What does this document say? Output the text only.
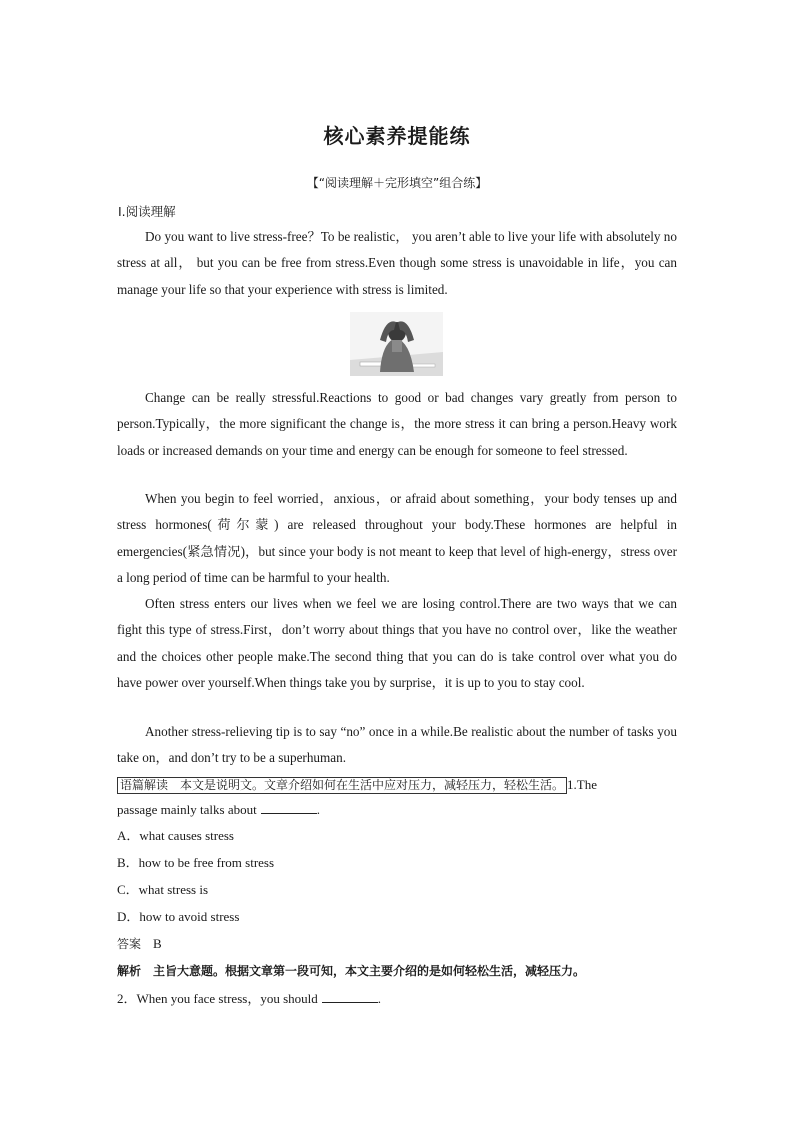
核心素养提能练
【“阅读理解＋完形填空”组合练】
Ⅰ.阅读理解

Do you want to live stress-free？To be realistic， you aren’t able to live your life with absolutely no stress at all， but you can be free from stress.Even though some stress is unavoidable in life，you can manage your life so that your experience with stress is limited.

Change can be really stressful.Reactions to good or bad changes vary greatly from person to person.Typically，the more significant the change is，the more stress it can bring a person.Heavy work loads or increased demands on your time and energy can be enough for someone to feel stressed.

When you begin to feel worried，anxious，or afraid about something，your body tenses up and stress hormones(荷尔蒙) are released throughout your body.These hormones are helpful in emergencies(紧急情况)，but since your body is not meant to keep that level of high-energy，stress over a long period of time can be harmful to your health.

Often stress enters our lives when we feel we are losing control.There are two ways that we can fight this type of stress.First，don’t worry about things that you have no control over，like the weather and the choices other people make.The second thing that you can do is take control over what you do have power over yourself.When things take you by surprise，it is up to you to stay cool.

Another stress-relieving tip is to say “no” once in a while.Be realistic about the number of tasks you take on，and don’t try to be a superhuman.

语篇解读　本文是说明文。文章介绍如何在生活中应对压力，减轻压力，轻松生活。 1.The
passage mainly talks about	.
A．what causes stress
B．how to be free from stress
C．what stress is
D．how to avoid stress
答案 B
解析 主旨大意题。根据文章第一段可知，本文主要介绍的是如何轻松生活，减轻压力。
2．When you face stress，you should	.
